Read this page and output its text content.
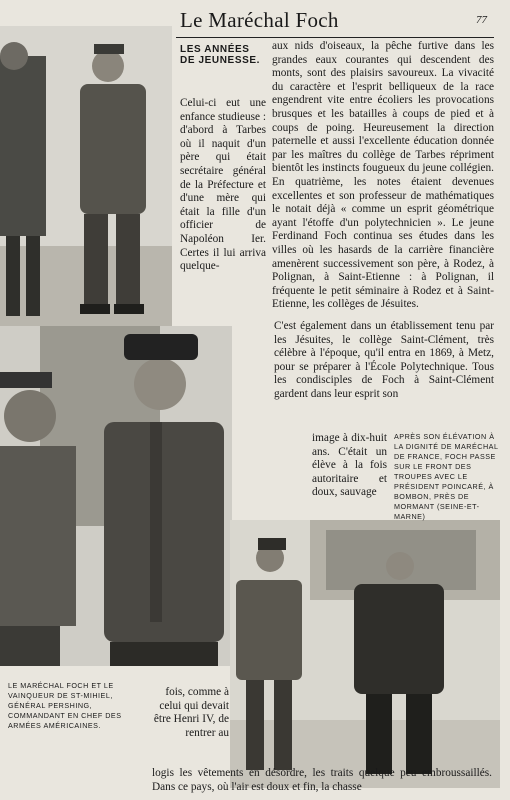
Le Maréchal Foch	77
LES ANNÉES DE JEUNESSE.
Celui-ci eut une enfance studieuse : d'abord à Tarbes où il naquit d'un père qui était secrétaire général de la Préfecture et d'une mère qui était la fille d'un officier de Napoléon Ier. Certes il lui arriva quelque-
aux nids d'oiseaux, la pêche furtive dans les grandes eaux courantes qui descendent des monts, sont des plaisirs savoureux. La vivacité du caractère et l'esprit belliqueux de la race engendrent vite entre écoliers les provocations brusques et les batailles à coups de pied et à coups de poing. Heureusement la direction paternelle et aussi l'excellente éducation donnée par les maîtres du collège de Tarbes répriment bientôt les instincts fougueux du jeune collégien. En quatrième, les notes étaient devenues excellentes et son professeur de mathématiques le notait déjà « comme un esprit géométrique ayant l'étoffe d'un polytechnicien ». Le jeune Ferdinand Foch continua ses études dans les villes où les hasards de la carrière financière amenèrent successivement son père, à Rodez, à Polignan, à Saint-Etienne : à Polignan, il fréquente le petit séminaire à Rodez et à Saint-Etienne, les collèges de Jésuites.
C'est également dans un établissement tenu par les Jésuites, le collège Saint-Clément, très célèbre à l'époque, qu'il entra en 1869, à Metz, pour se préparer à l'École Polytechnique. Tous les condisciples de Foch à Saint-Clément gardent dans leur esprit son
image à dix-huit ans. C'était un élève à la fois autoritaire et doux, sauvage
APRÈS SON ÉLÉVATION À LA DIGNITÉ DE MARÉCHAL DE FRANCE, FOCH PASSE SUR LE FRONT DES TROUPES AVEC LE PRÉSIDENT POINCARÉ, À BOMBON, PRÈS DE MORMANT (SEINE-ET-MARNE)
LE MARÉCHAL FOCH ET LE VAINQUEUR DE ST-MIHIEL, GÉNÉRAL PERSHING, COMMANDANT EN CHEF DES ARMÉES AMÉRICAINES.
fois, comme à celui qui devait être Henri IV, de rentrer au
logis les vêtements en désordre, les traits quelque peu embroussaillés. Dans ce pays, où l'air est doux et fin, la chasse
